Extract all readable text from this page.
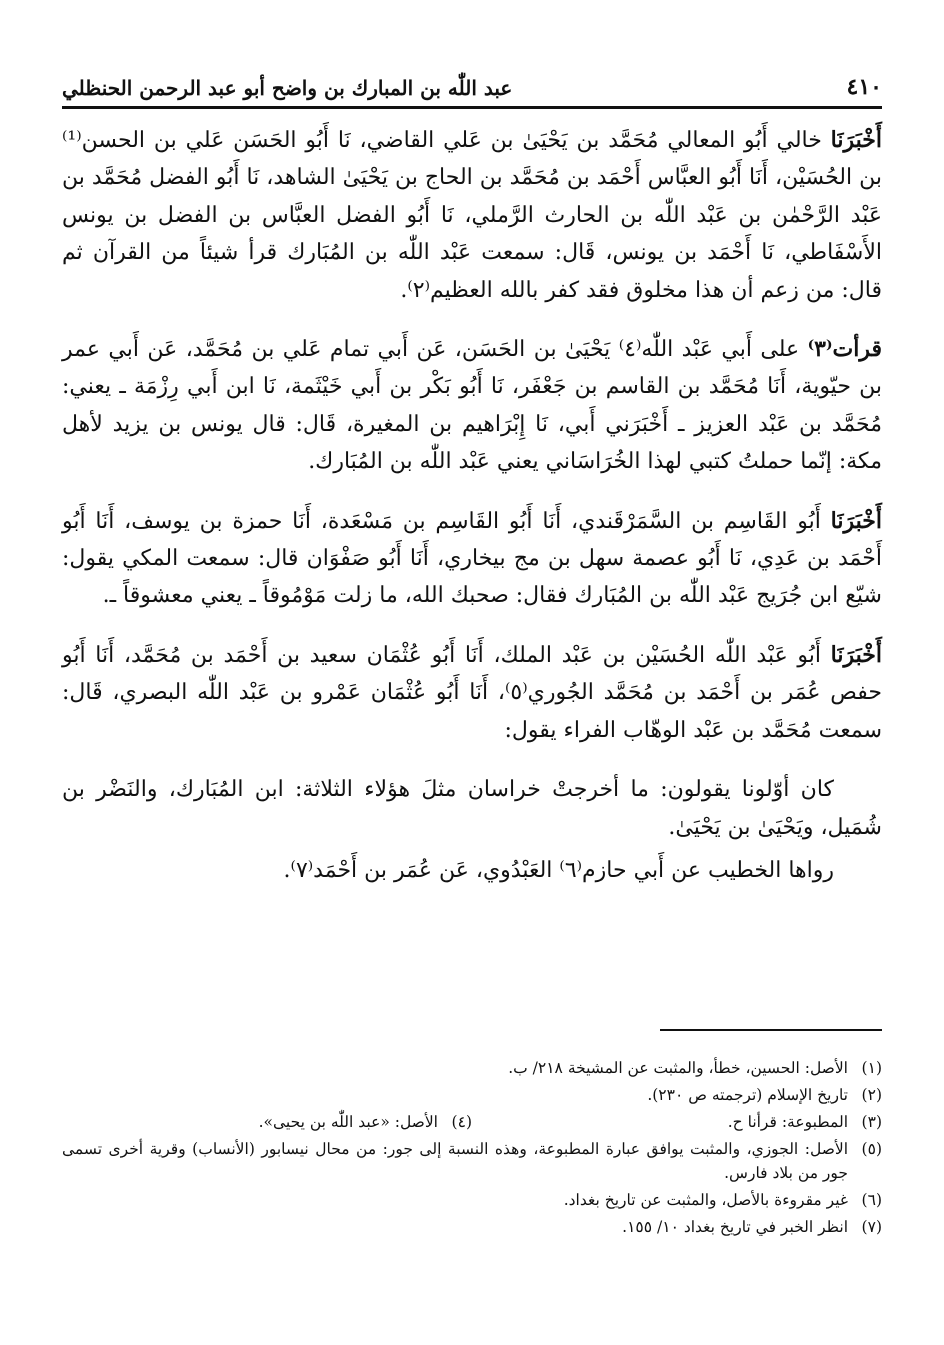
٤١٠
عبد اللّٰه بن المبارك بن واضح أبو عبد الرحمن الحنظلي

أَخْبَرَنَا خالي أَبُو المعالي مُحَمَّد بن يَحْيَىٰ بن عَلي القاضي، نَا أَبُو الحَسَن عَلي بن الحسن⁽¹⁾ بن الحُسَيْن، أَنَا أَبُو العبَّاس أَحْمَد بن مُحَمَّد بن الحاج بن يَحْيَىٰ الشاهد، نَا أَبُو الفضل مُحَمَّد بن عَبْد الرَّحْمٰن بن عَبْد اللّٰه بن الحارث الرَّملي، نَا أَبُو الفضل العبَّاس بن الفضل بن يونس الأَسْفَاطي، نَا أَحْمَد بن يونس، قَال: سمعت عَبْد اللّٰه بن المُبَارك قرأ شيئاً من القرآن ثم قال: من زعم أن هذا مخلوق فقد كفر بالله العظيم⁽٢⁾.

قرأت⁽٣⁾ على أَبي عَبْد اللّٰه⁽٤⁾ يَحْيَىٰ بن الحَسَن، عَن أَبي تمام عَلي بن مُحَمَّد، عَن أَبي عمر بن حيّوية، أَنَا مُحَمَّد بن القاسم بن جَعْفَر، نَا أَبُو بَكْر بن أَبي خَيْثَمة، نَا ابن أَبي رِزْمَة ـ يعني: مُحَمَّد بن عَبْد العزيز ـ أَخْبَرَني أَبي، نَا إِبْرَاهيم بن المغيرة، قَال: قال يونس بن يزيد لأهل مكة: إنّما حملتُ كتبي لهذا الخُرَاسَاني يعني عَبْد اللّٰه بن المُبَارك.

أَخْبَرَنَا أَبُو القَاسِم بن السَّمَرْقَندي، أَنَا أَبُو القَاسِم بن مَسْعَدة، أَنَا حمزة بن يوسف، أَنَا أَبُو أَحْمَد بن عَدِي، نَا أَبُو عصمة سهل بن مج بيخاري، أَنَا أَبُو صَفْوَان قال: سمعت المكي يقول: شيّع ابن جُرَيج عَبْد اللّٰه بن المُبَارك فقال: صحبك الله، ما زلت مَوْمُوقاً ـ يعني معشوقاً ـ.

أَخْبَرَنَا أَبُو عَبْد اللّٰه الحُسَيْن بن عَبْد الملك، أَنَا أَبُو عُثْمَان سعيد بن أَحْمَد بن مُحَمَّد، أَنَا أَبُو حفص عُمَر بن أَحْمَد بن مُحَمَّد الجُوري⁽٥⁾، أَنَا أَبُو عُثْمَان عَمْرو بن عَبْد اللّٰه البصري، قَال: سمعت مُحَمَّد بن عَبْد الوهّاب الفراء يقول:

كان أوّلونا يقولون: ما أخرجتْ خراسان مثلَ هؤلاء الثلاثة: ابن المُبَارك، والنَضْر بن شُمَيل، ويَحْيَىٰ بن يَحْيَىٰ.

رواها الخطيب عن أَبي حازم⁽٦⁾ العَبْدُوي، عَن عُمَر بن أَحْمَد⁽٧⁾.

(١)
الأصل: الحسين، خطأ، والمثبت عن المشيخة ٢١٨/ ب.
(٢)
تاريخ الإسلام (ترجمته ص ٢٣٠).
(٣)
المطبوعة: قرأنا ح.
(٤)
الأصل: «عبد اللّٰه بن يحيى».
(٥)
الأصل: الجوزي، والمثبت يوافق عبارة المطبوعة، وهذه النسبة إلى جور: من محال نيسابور (الأنساب) وقرية أخرى تسمى جور من بلاد فارس.
(٦)
غير مقروءة بالأصل، والمثبت عن تاريخ بغداد.
(٧)
انظر الخبر في تاريخ بغداد ١٠/ ١٥٥.
